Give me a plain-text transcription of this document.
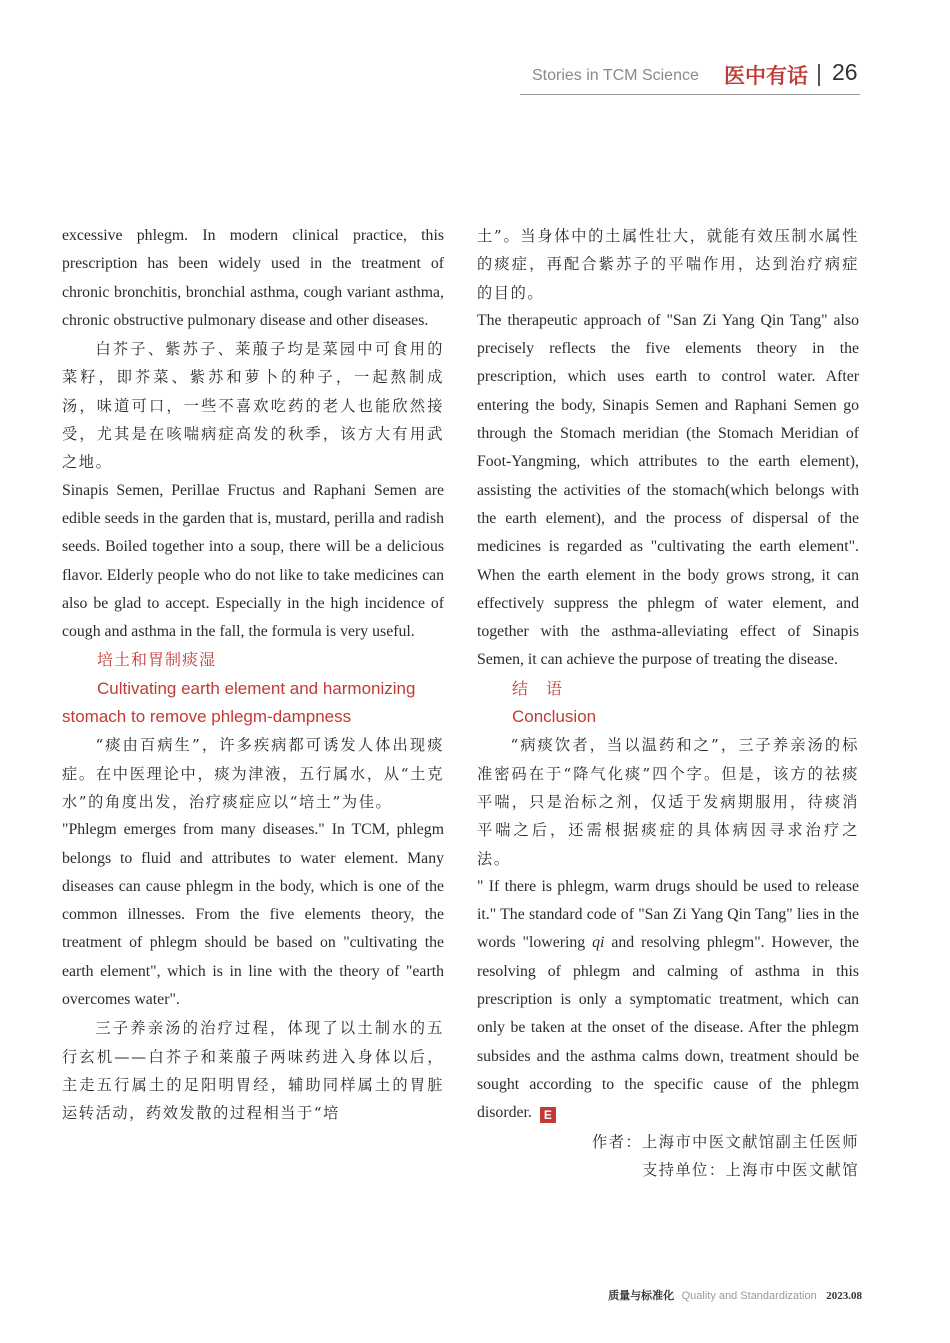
Stories in TCM Science 医中有话 26

excessive phlegm. In modern clinical practice, this prescription has been widely used in the treatment of chronic bronchitis, bronchial asthma, cough variant asthma, chronic obstructive pulmonary disease and other diseases.

白芥子、紫苏子、莱菔子均是菜园中可食用的菜籽，即芥菜、紫苏和萝卜的种子，一起熬制成汤，味道可口，一些不喜欢吃药的老人也能欣然接受，尤其是在咳喘病症高发的秋季，该方大有用武之地。

Sinapis Semen, Perillae Fructus and Raphani Semen are edible seeds in the garden that is, mustard, perilla and radish seeds. Boiled together into a soup, there will be a delicious flavor. Elderly people who do not like to take medicines can also be glad to accept. Especially in the high incidence of cough and asthma in the fall, the formula is very useful.

培土和胃制痰湿

Cultivating earth element and harmonizing stomach to remove phlegm-dampness

“痰由百病生”，许多疾病都可诱发人体出现痰症。在中医理论中，痰为津液，五行属水，从“土克水”的角度出发，治疗痰症应以“培土”为佳。

"Phlegm emerges from many diseases." In TCM, phlegm belongs to fluid and attributes to water element. Many diseases can cause phlegm in the body, which is one of the common illnesses. From the five elements theory, the treatment of phlegm should be based on "cultivating the earth element", which is in line with the theory of "earth overcomes water".

三子养亲汤的治疗过程，体现了以土制水的五行玄机——白芥子和莱菔子两味药进入身体以后，主走五行属土的足阳明胃经，辅助同样属土的胃脏运转活动，药效发散的过程相当于“培

土”。当身体中的土属性壮大，就能有效压制水属性的痰症，再配合紫苏子的平喘作用，达到治疗病症的目的。

The therapeutic approach of "San Zi Yang Qin Tang" also precisely reflects the five elements theory in the prescription, which uses earth to control water. After entering the body, Sinapis Semen and Raphani Semen go through the Stomach meridian (the Stomach Meridian of Foot-Yangming, which attributes to the earth element), assisting the activities of the stomach(which belongs with the earth element), and the process of dispersal of the medicines is regarded as "cultivating the earth element". When the earth element in the body grows strong, it can effectively suppress the phlegm of water element, and together with the asthma-alleviating effect of Sinapis Semen, it can achieve the purpose of treating the disease.

结　语

Conclusion

“病痰饮者，当以温药和之”，三子养亲汤的标准密码在于“降气化痰”四个字。但是，该方的祛痰平喘，只是治标之剂，仅适于发病期服用，待痰消平喘之后，还需根据痰症的具体病因寻求治疗之法。

" If there is phlegm, warm drugs should be used to release it." The standard code of "San Zi Yang Qin Tang" lies in the words "lowering qi and resolving phlegm". However, the resolving of phlegm and calming of asthma in this prescription is only a symptomatic treatment, which can only be taken at the onset of the disease. After the phlegm subsides and the asthma calms down, treatment should be sought according to the specific cause of the phlegm disorder. E

作者：上海市中医文献馆副主任医师

支持单位：上海市中医文献馆

质量与标准化 Quality and Standardization 2023.08
